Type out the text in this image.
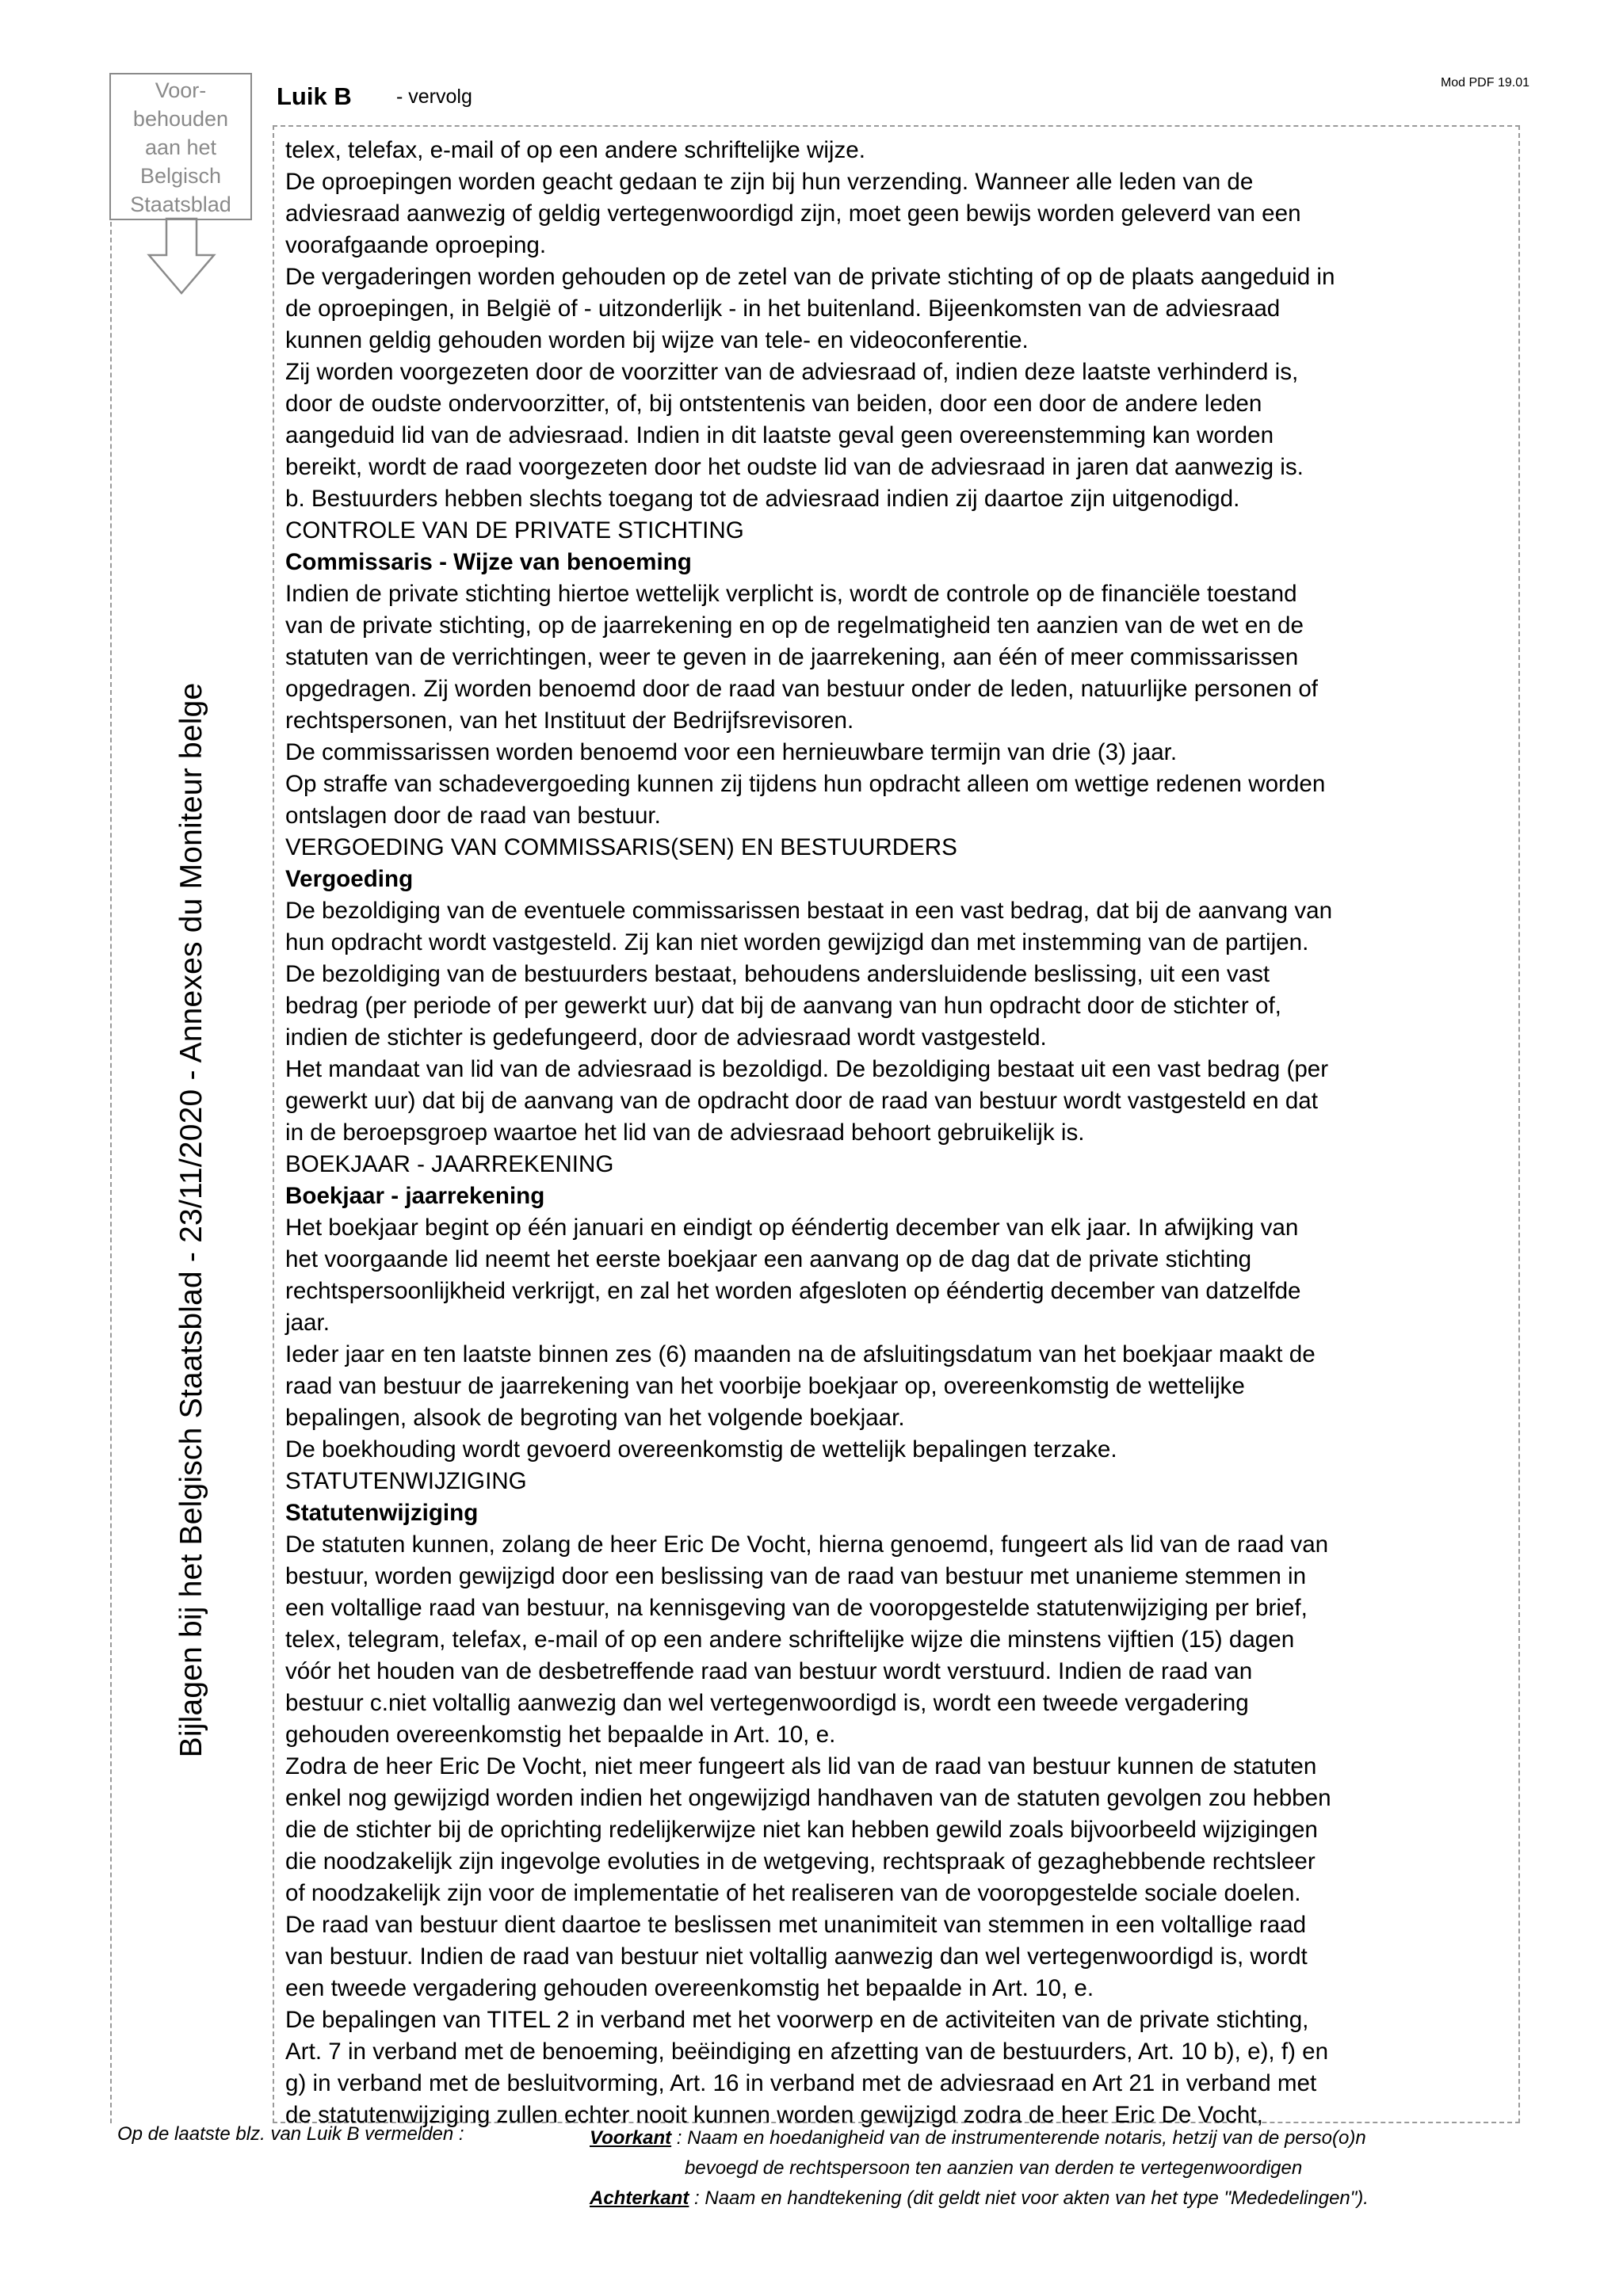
Voor-
behouden
aan het
Belgisch
Staatsblad
Bijlagen bij het Belgisch Staatsblad - 23/11/2020 - Annexes du Moniteur belge
Luik B - vervolg
Mod PDF 19.01
telex, telefax, e-mail of op een andere schriftelijke wijze.
De oproepingen worden geacht gedaan te zijn bij hun verzending. Wanneer alle leden van de
adviesraad aanwezig of geldig vertegenwoordigd zijn, moet geen bewijs worden geleverd van een
voorafgaande oproeping.
De vergaderingen worden gehouden op de zetel van de private stichting of op de plaats aangeduid in
de oproepingen, in België of - uitzonderlijk - in het buitenland. Bijeenkomsten van de adviesraad
kunnen geldig gehouden worden bij wijze van tele- en videoconferentie.
Zij worden voorgezeten door de voorzitter van de adviesraad of, indien deze laatste verhinderd is,
door de oudste ondervoorzitter, of, bij ontstentenis van beiden, door een door de andere leden
aangeduid lid van de adviesraad. Indien in dit laatste geval geen overeenstemming kan worden
bereikt, wordt de raad voorgezeten door het oudste lid van de adviesraad in jaren dat aanwezig is.
b. Bestuurders hebben slechts toegang tot de adviesraad indien zij daartoe zijn uitgenodigd.
CONTROLE VAN DE PRIVATE STICHTING
Commissaris - Wijze van benoeming
Indien de private stichting hiertoe wettelijk verplicht is, wordt de controle op de financiële toestand
van de private stichting, op de jaarrekening en op de regelmatigheid ten aanzien van de wet en de
statuten van de verrichtingen, weer te geven in de jaarrekening, aan één of meer commissarissen
opgedragen. Zij worden benoemd door de raad van bestuur onder de leden, natuurlijke personen of
rechtspersonen, van het Instituut der Bedrijfsrevisoren.
De commissarissen worden benoemd voor een hernieuwbare termijn van drie (3) jaar.
Op straffe van schadevergoeding kunnen zij tijdens hun opdracht alleen om wettige redenen worden
ontslagen door de raad van bestuur.
VERGOEDING VAN COMMISSARIS(SEN) EN BESTUURDERS
Vergoeding
De bezoldiging van de eventuele commissarissen bestaat in een vast bedrag, dat bij de aanvang van
hun opdracht wordt vastgesteld. Zij kan niet worden gewijzigd dan met instemming van de partijen.
De bezoldiging van de bestuurders bestaat, behoudens andersluidende beslissing, uit een vast
bedrag (per periode of per gewerkt uur) dat bij de aanvang van hun opdracht door de stichter of,
indien de stichter is gedefungeerd, door de adviesraad wordt vastgesteld.
Het mandaat van lid van de adviesraad is bezoldigd. De bezoldiging bestaat uit een vast bedrag (per
gewerkt uur) dat bij de aanvang van de opdracht door de raad van bestuur wordt vastgesteld en dat
in de beroepsgroep waartoe het lid van de adviesraad behoort gebruikelijk is.
BOEKJAAR - JAARREKENING
Boekjaar - jaarrekening
Het boekjaar begint op één januari en eindigt op ééndertig december van elk jaar. In afwijking van
het voorgaande lid neemt het eerste boekjaar een aanvang op de dag dat de private stichting
rechtspersoonlijkheid verkrijgt, en zal het worden afgesloten op ééndertig december van datzelfde
jaar.
Ieder jaar en ten laatste binnen zes (6) maanden na de afsluitingsdatum van het boekjaar maakt de
raad van bestuur de jaarrekening van het voorbije boekjaar op, overeenkomstig de wettelijke
bepalingen, alsook de begroting van het volgende boekjaar.
De boekhouding wordt gevoerd overeenkomstig de wettelijk bepalingen terzake.
STATUTENWIJZIGING
Statutenwijziging
De statuten kunnen, zolang de heer Eric De Vocht, hierna genoemd, fungeert als lid van de raad van
bestuur, worden gewijzigd door een beslissing van de raad van bestuur met unanieme stemmen in
een voltallige raad van bestuur, na kennisgeving van de vooropgestelde statutenwijziging per brief,
telex, telegram, telefax, e-mail of op een andere schriftelijke wijze die minstens vijftien (15) dagen
vóór het houden van de desbetreffende raad van bestuur wordt verstuurd. Indien de raad van
bestuur c.niet voltallig aanwezig dan wel vertegenwoordigd is, wordt een tweede vergadering
gehouden overeenkomstig het bepaalde in Art. 10, e.
Zodra de heer Eric De Vocht, niet meer fungeert als lid van de raad van bestuur kunnen de statuten
enkel nog gewijzigd worden indien het ongewijzigd handhaven van de statuten gevolgen zou hebben
die de stichter bij de oprichting redelijkerwijze niet kan hebben gewild zoals bijvoorbeeld wijzigingen
die noodzakelijk zijn ingevolge evoluties in de wetgeving, rechtspraak of gezaghebbende rechtsleer
of noodzakelijk zijn voor de implementatie of het realiseren van de vooropgestelde sociale doelen.
De raad van bestuur dient daartoe te beslissen met unanimiteit van stemmen in een voltallige raad
van bestuur. Indien de raad van bestuur niet voltallig aanwezig dan wel vertegenwoordigd is, wordt
een tweede vergadering gehouden overeenkomstig het bepaalde in Art. 10, e.
De bepalingen van TITEL 2 in verband met het voorwerp en de activiteiten van de private stichting,
Art. 7 in verband met de benoeming, beëindiging en afzetting van de bestuurders, Art. 10 b), e), f) en
g) in verband met de besluitvorming, Art. 16 in verband met de adviesraad en Art 21 in verband met
de statutenwijziging zullen echter nooit kunnen worden gewijzigd zodra de heer Eric De Vocht,
Op de laatste blz. van Luik B vermelden :	Voorkant : Naam en hoedanigheid van de instrumenterende notaris, hetzij van de perso(o)n
bevoegd de rechtspersoon ten aanzien van derden te vertegenwoordigen
Achterkant : Naam en handtekening (dit geldt niet voor akten van het type "Mededelingen").
